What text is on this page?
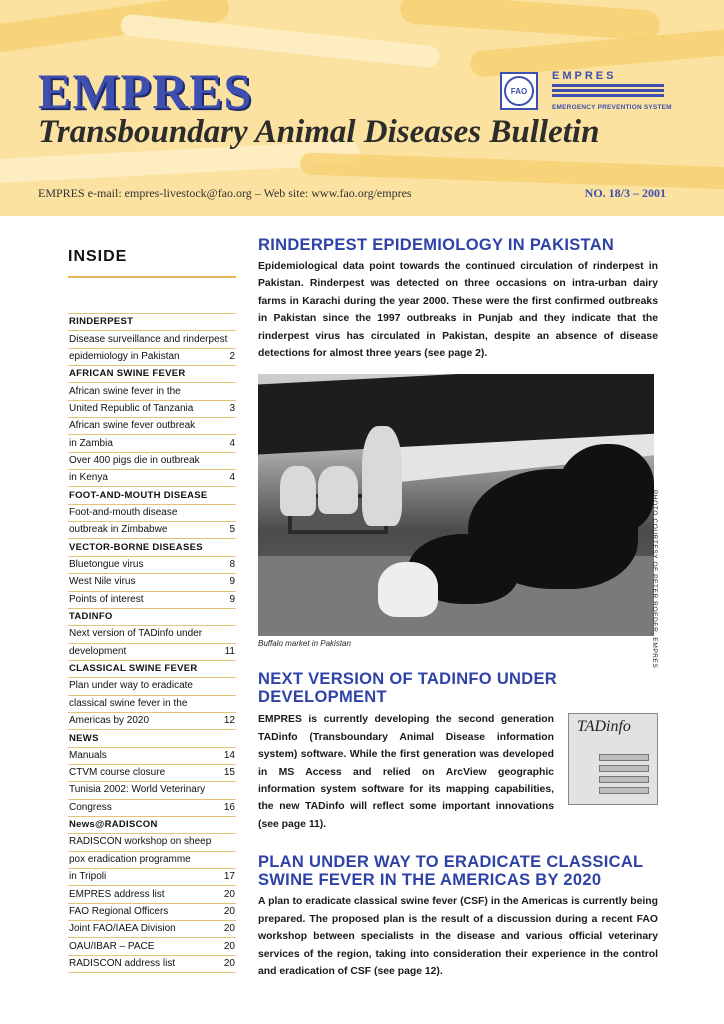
EMPRES
Transboundary Animal Diseases Bulletin
FAO
EMPRES
EMERGENCY PREVENTION SYSTEM
EMPRES e-mail: empres-livestock@fao.org – Web site: www.fao.org/empres	NO. 18/3 – 2001
INSIDE
RINDERPEST
Disease surveillance and rinderpest
epidemiology in Pakistan	2
AFRICAN SWINE FEVER
African swine fever in the
United Republic of Tanzania	3
African swine fever outbreak
in Zambia	4
Over 400 pigs die in outbreak
in Kenya	4
FOOT-AND-MOUTH DISEASE
Foot-and-mouth disease
outbreak in Zimbabwe	5
VECTOR-BORNE DISEASES
Bluetongue virus	8
West Nile virus	9
Points of interest	9
TADINFO
Next version of TADinfo under
development	11
CLASSICAL SWINE FEVER
Plan under way to eradicate
classical swine fever in the
Americas by 2020	12
NEWS
Manuals	14
CTVM course closure	15
Tunisia 2002: World Veterinary
Congress	16
News@RADISCON
RADISCON workshop on sheep
pox eradication programme
in Tripoli	17
EMPRES address list	20
FAO Regional Officers	20
Joint FAO/IAEA Division	20
OAU/IBAR – PACE	20
RADISCON address list	20
RINDERPEST EPIDEMIOLOGY IN PAKISTAN
Epidemiological data point towards the continued circulation of rinderpest in Pakistan. Rinderpest was detected on three occasions on intra-urban dairy farms in Karachi during the year 2000. These were the first confirmed outbreaks in Pakistan since the 1997 outbreaks in Punjab and they indicate that the rinderpest virus has circulated in Pakistan, despite an absence of disease detections for almost three years (see page 2).
Buffalo market in Pakistan
NEXT VERSION OF TADINFO UNDER DEVELOPMENT
EMPRES is currently developing the second generation TADinfo (Transboundary Animal Disease information system) software. While the first generation was developed in MS Access and relied on ArcView geographic information system software for its mapping capabilities, the new TADinfo will reflect some important innovations (see page 11).
TADinfo
PLAN UNDER WAY TO ERADICATE CLASSICAL SWINE FEVER IN THE AMERICAS BY 2020
A plan to eradicate classical swine fever (CSF) in the Americas is currently being prepared. The proposed plan is the result of a discussion during a recent FAO workshop between specialists in the disease and various official veterinary services of the region, taking into consideration their experience in the control and eradication of CSF (see page 12).
PHOTO COURTESY OF PETER ROEDER, EMPRES
